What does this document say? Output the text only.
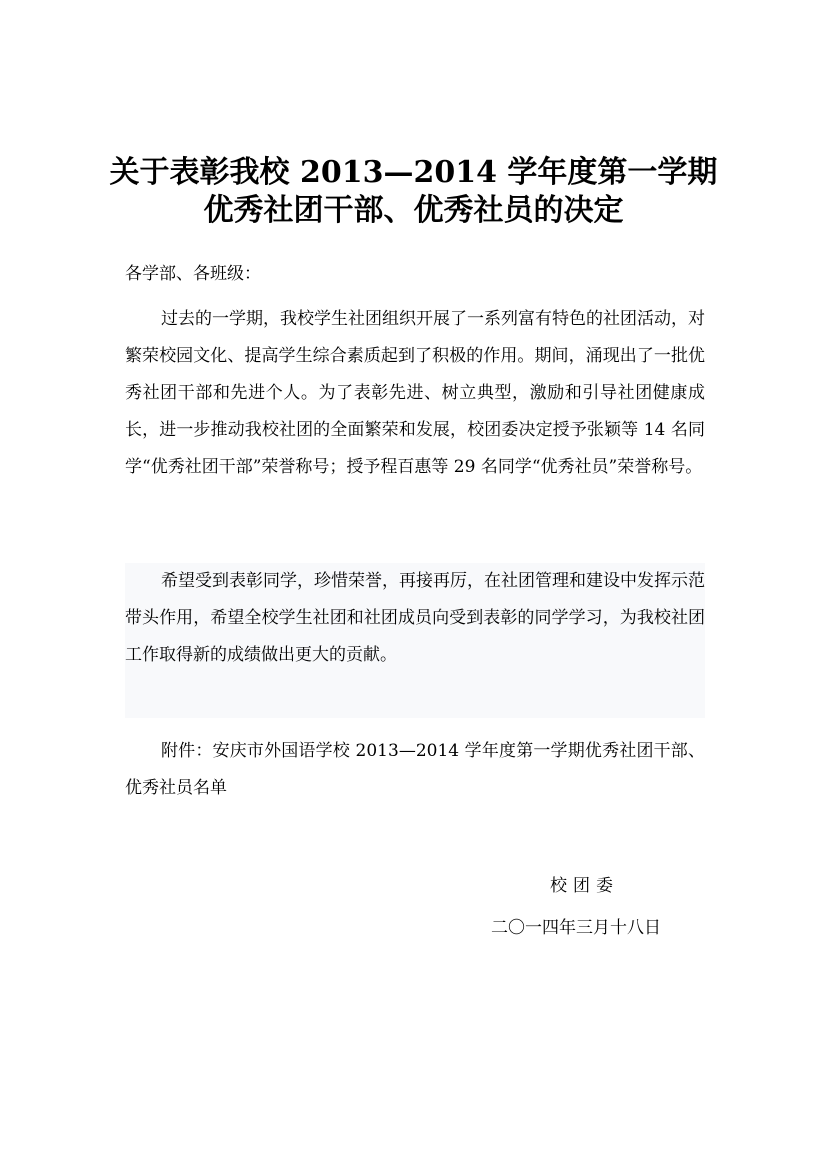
关于表彰我校 2013—2014 学年度第一学期
优秀社团干部、优秀社员的决定
各学部、各班级：
过去的一学期，我校学生社团组织开展了一系列富有特色的社团活动，对繁荣校园文化、提高学生综合素质起到了积极的作用。期间，涌现出了一批优秀社团干部和先进个人。为了表彰先进、树立典型，激励和引导社团健康成长，进一步推动我校社团的全面繁荣和发展，校团委决定授予张颖等 14 名同学“优秀社团干部”荣誉称号；授予程百惠等 29 名同学“优秀社员”荣誉称号。
希望受到表彰同学，珍惜荣誉，再接再厉，在社团管理和建设中发挥示范带头作用，希望全校学生社团和社团成员向受到表彰的同学学习，为我校社团工作取得新的成绩做出更大的贡献。
附件：安庆市外国语学校 2013—2014 学年度第一学期优秀社团干部、优秀社员名单
校团委
二〇一四年三月十八日
